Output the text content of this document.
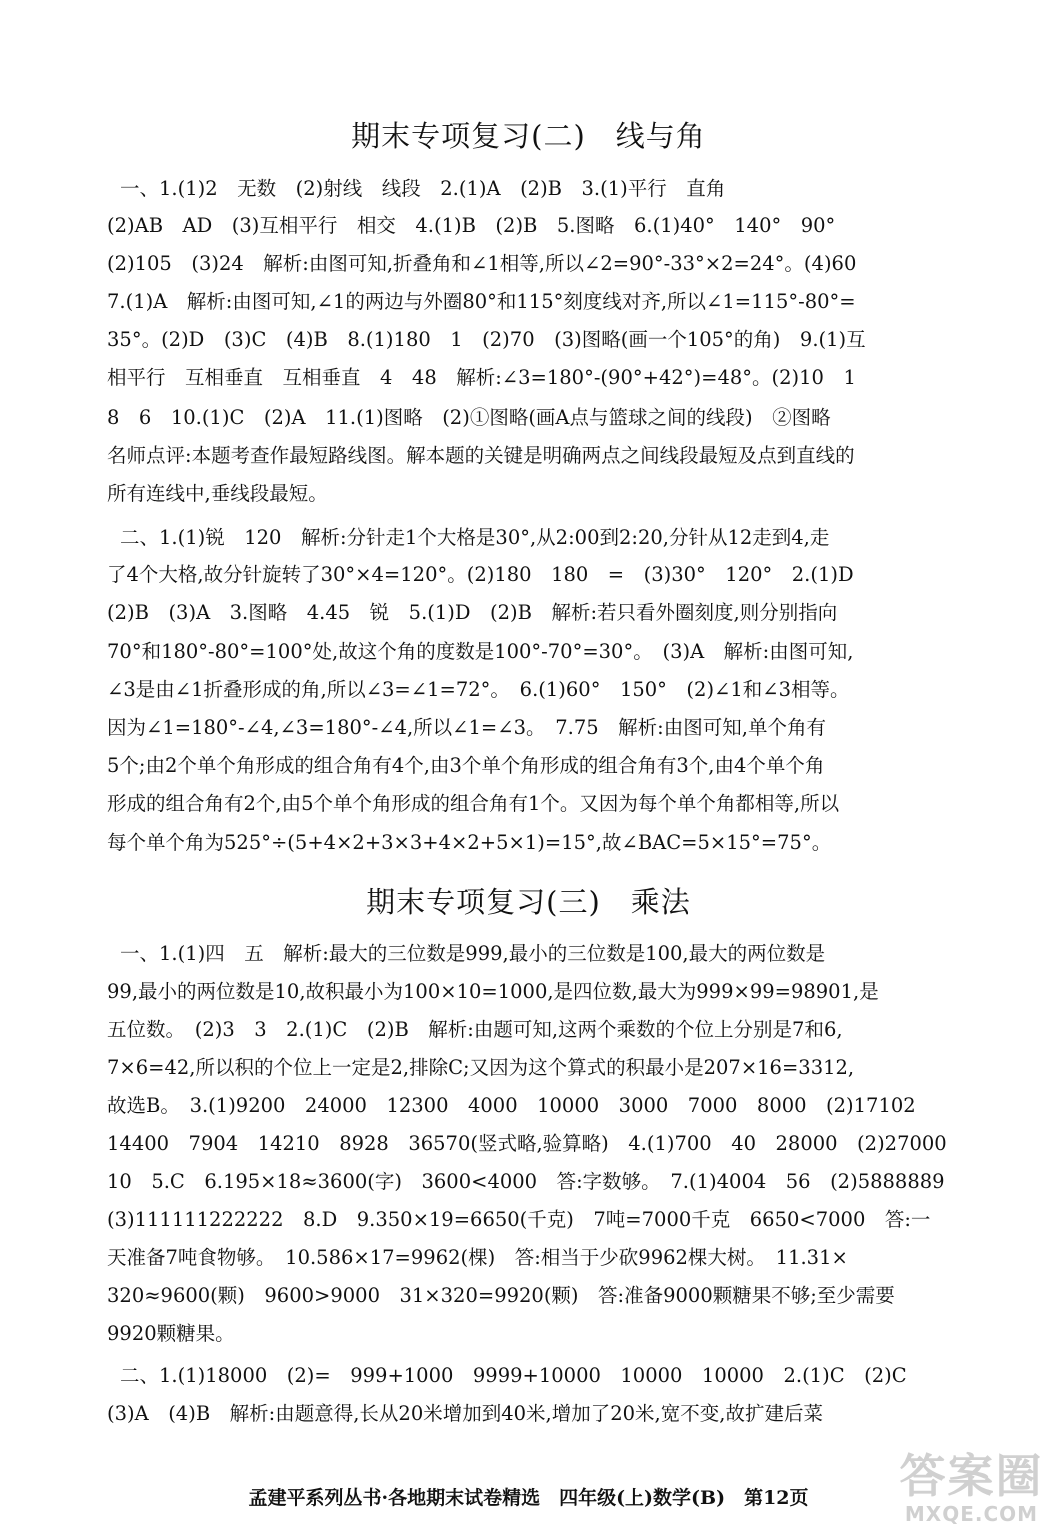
期末专项复习(二)　线与角
一、1.(1)2　无数　(2)射线　线段　2.(1)A　(2)B　3.(1)平行　直角
(2)AB　AD　(3)互相平行　相交　4.(1)B　(2)B　5.图略　6.(1)40°　140°　90°
(2)105　(3)24　解析:由图可知,折叠角和∠1相等,所以∠2=90°-33°×2=24°。(4)60
7.(1)A　解析:由图可知,∠1的两边与外圈80°和115°刻度线对齐,所以∠1=115°-80°=
35°。(2)D　(3)C　(4)B　8.(1)180　1　(2)70　(3)图略(画一个105°的角)　9.(1)互
相平行　互相垂直　互相垂直　4　48　解析:∠3=180°-(90°+42°)=48°。(2)10　1
8　6　10.(1)C　(2)A　11.(1)图略　(2)①图略(画A点与篮球之间的线段)　②图略
名师点评:本题考查作最短路线图。解本题的关键是明确两点之间线段最短及点到直线的
所有连线中,垂线段最短。
二、1.(1)锐　120　解析:分针走1个大格是30°,从2:00到2:20,分针从12走到4,走
了4个大格,故分针旋转了30°×4=120°。(2)180　180　=　(3)30°　120°　2.(1)D
(2)B　(3)A　3.图略　4.45　锐　5.(1)D　(2)B　解析:若只看外圈刻度,则分别指向
70°和180°-80°=100°处,故这个角的度数是100°-70°=30°。　(3)A　解析:由图可知,
∠3是由∠1折叠形成的角,所以∠3=∠1=72°。　6.(1)60°　150°　(2)∠1和∠3相等。
因为∠1=180°-∠4,∠3=180°-∠4,所以∠1=∠3。　7.75　解析:由图可知,单个角有
5个;由2个单个角形成的组合角有4个,由3个单个角形成的组合角有3个,由4个单个角
形成的组合角有2个,由5个单个角形成的组合角有1个。又因为每个单个角都相等,所以
每个单个角为525°÷(5+4×2+3×3+4×2+5×1)=15°,故∠BAC=5×15°=75°。
期末专项复习(三)　乘法
一、1.(1)四　五　解析:最大的三位数是999,最小的三位数是100,最大的两位数是
99,最小的两位数是10,故积最小为100×10=1000,是四位数,最大为999×99=98901,是
五位数。　(2)3　3　2.(1)C　(2)B　解析:由题可知,这两个乘数的个位上分别是7和6,
7×6=42,所以积的个位上一定是2,排除C;又因为这个算式的积最小是207×16=3312,
故选B。　3.(1)9200　24000　12300　4000　10000　3000　7000　8000　(2)17102
14400　7904　14210　8928　36570(竖式略,验算略)　4.(1)700　40　28000　(2)27000
10　5.C　6.195×18≈3600(字)　3600<4000　答:字数够。　7.(1)4004　56　(2)5888889
(3)111111222222　8.D　9.350×19=6650(千克)　7吨=7000千克　6650<7000　答:一
天准备7吨食物够。　10.586×17=9962(棵)　答:相当于少砍9962棵大树。　11.31×
320≈9600(颗)　9600>9000　31×320=9920(颗)　答:准备9000颗糖果不够;至少需要
9920颗糖果。
二、1.(1)18000　(2)=　999+1000　9999+10000　10000　10000　2.(1)C　(2)C
(3)A　(4)B　解析:由题意得,长从20米增加到40米,增加了20米,宽不变,故扩建后菜
孟建平系列丛书·各地期末试卷精选　四年级(上)数学(B)　第12页	答案圈
MXQE.COM
